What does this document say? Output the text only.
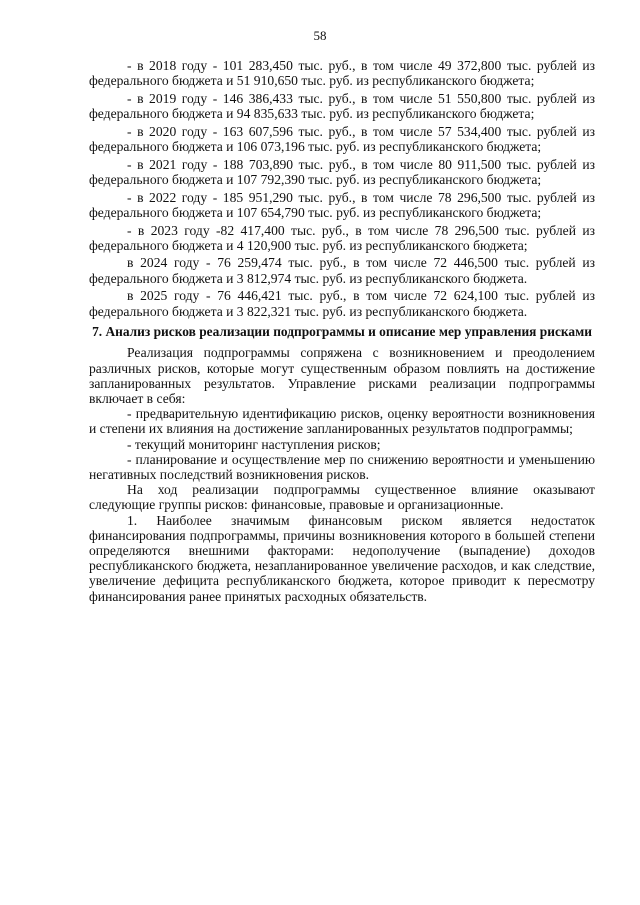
58

- в 2018 году - 101 283,450 тыс. руб., в том числе 49 372,800 тыс. рублей из федерального бюджета и 51 910,650 тыс. руб. из республиканского бюджета;

- в 2019 году - 146 386,433 тыс. руб., в том числе 51 550,800 тыс. рублей из федерального бюджета и 94 835,633 тыс. руб. из республиканского бюджета;

- в 2020 году - 163 607,596 тыс. руб., в том числе 57 534,400 тыс. рублей из федерального бюджета и 106 073,196 тыс. руб. из республиканского бюджета;

- в 2021 году - 188 703,890 тыс. руб., в том числе 80 911,500 тыс. рублей из федерального бюджета и 107 792,390 тыс. руб. из республиканского бюджета;

- в 2022 году - 185 951,290 тыс. руб., в том числе 78 296,500 тыс. рублей из федерального бюджета и 107 654,790 тыс. руб. из республиканского бюджета;

- в 2023 году -82 417,400 тыс. руб., в том числе 78 296,500 тыс. рублей из федерального бюджета и 4 120,900 тыс. руб. из республиканского бюджета;

в 2024 году - 76 259,474 тыс. руб., в том числе 72 446,500 тыс. рублей из федерального бюджета и 3 812,974 тыс. руб. из республиканского бюджета.

в 2025 году - 76 446,421 тыс. руб., в том числе 72 624,100 тыс. рублей из федерального бюджета и 3 822,321 тыс. руб. из республиканского бюджета.

7. Анализ рисков реализации подпрограммы и описание мер управления рисками

Реализация подпрограммы сопряжена с возникновением и преодолением различных рисков, которые могут существенным образом повлиять на достижение запланированных результатов. Управление рисками реализации подпрограммы включает в себя:

- предварительную идентификацию рисков, оценку вероятности возникновения и степени их влияния на достижение запланированных результатов подпрограммы;

- текущий мониторинг наступления рисков;

- планирование и осуществление мер по снижению вероятности и уменьшению негативных последствий возникновения рисков.

На ход реализации подпрограммы существенное влияние оказывают следующие группы рисков: финансовые, правовые и организационные.

1. Наиболее значимым финансовым риском является недостаток финансирования подпрограммы, причины возникновения которого в большей степени определяются внешними факторами: недополучение (выпадение) доходов республиканского бюджета, незапланированное увеличение расходов, и как следствие, увеличение дефицита республиканского бюджета, которое приводит к пересмотру финансирования ранее принятых расходных обязательств.
